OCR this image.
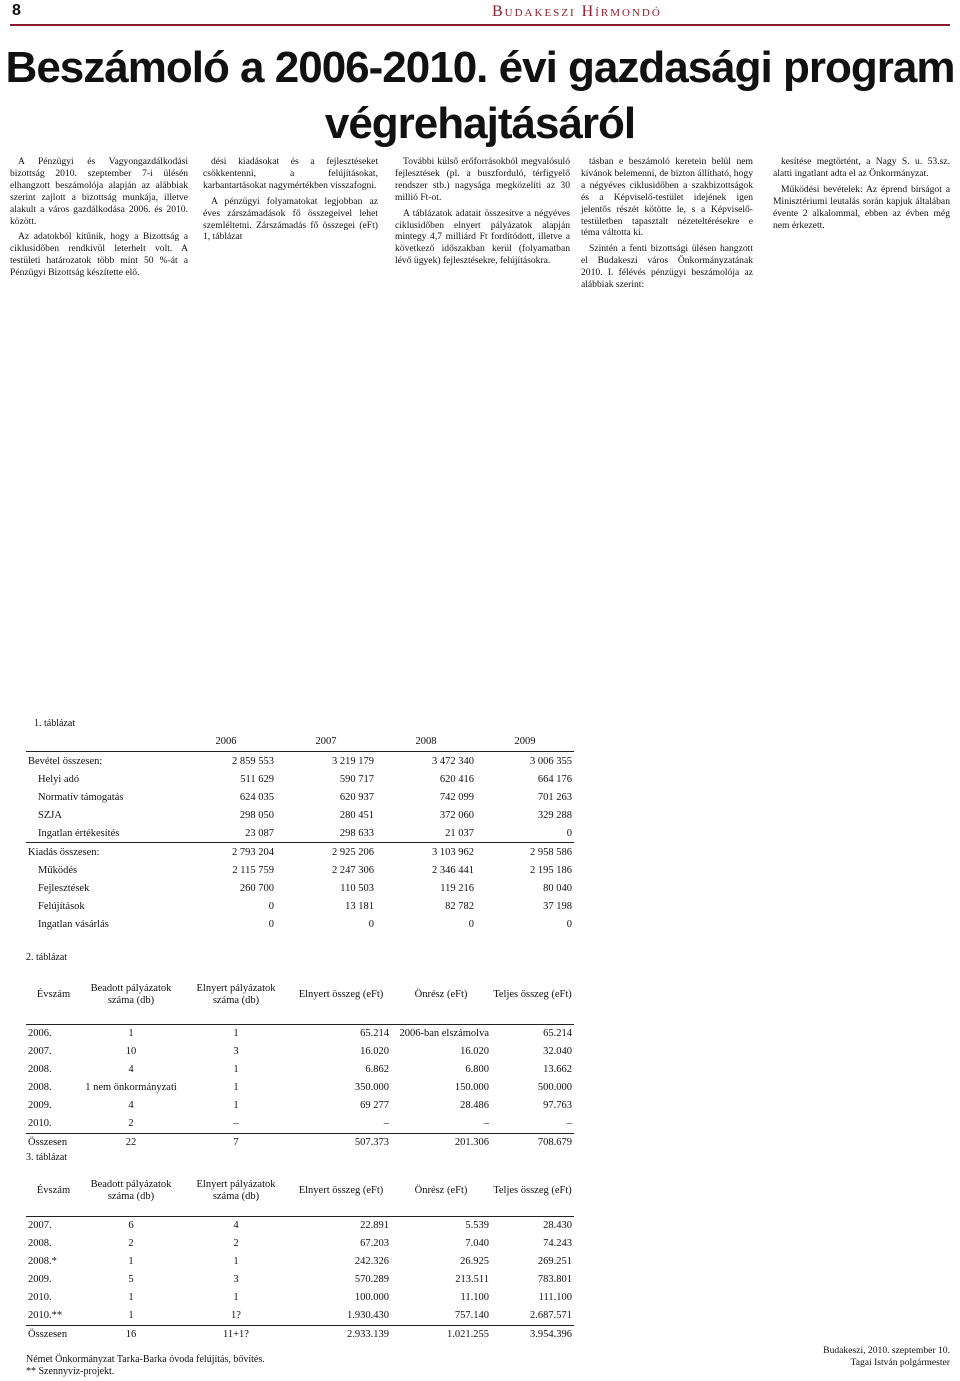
8	Budakeszi Hírmondó
Beszámoló a 2006-2010. évi gazdasági program
végrehajtásáról

A Pénzügyi és Vagyongazdálkodási bizottság 2010. szeptember 7-i ülésén elhangzott beszámolója alapján az alábbiak szerint zajlott a bizottság munkája, illetve alakult a város gazdálkodása 2006. és 2010. között.

Az adatokból kitűnik, hogy a Bizottság a ciklusidőben rendkívül leterhelt volt. A testületi határozatok több mint 50 %-át a Pénzügyi Bizottság készítette elő.

dési kiadásokat és a fejlesztéseket csökkentenni, a felújításokat, karbantartásokat nagymértékben visszafogni.

A pénzügyi folyamatokat legjobban az éves zárszámadások fő összegeivel lehet szemléltetni. Zárszámadás fő összegei (eFt) 1, táblázat

További külső erőforrásokból megvalósuló fejlesztések (pl. a buszforduló, térfigyelő rendszer stb.) nagysága megközelíti az 30 millió Ft-ot.

A táblázatok adatait összesítve a négyéves ciklusidőben elnyert pályázatok alapján mintegy 4,7 milliárd Ft fordítódott, illetve a következő időszakban kerül (folyamatban lévő ügyek) fejlesztésekre, felújításokra.

tásban e beszámoló keretein belül nem kívánok belemenni, de bizton állítható, hogy a négyéves ciklusidőben a szakbizottságok és a Képviselő-testület idejének igen jelentős részét kötötte le, s a Képviselő-testületben tapasztalt nézeteltérésekre e téma váltotta ki.

Szintén a fenti bizottsági ülésen hangzott el Budakeszi város Önkormányzatának 2010. I. félévés pénzügyi beszámolója az alábbiak szerint:

kesítése megtörtént, a Nagy S. u. 53.sz. alatti ingatlant adta el az Önkormányzat.

Működési bevételek: Az éprend bírságot a Minisztériumi leutalás során kapjuk általában évente 2 alkalommal, ebben az évben még nem érkezett.

1. táblázat
	2006	2007	2008	2009
Bevétel összesen:	2 859 553	3 219 179	3 472 340	3 006 355
Helyi adó	511 629	590 717	620 416	664 176
Normatív támogatás	624 035	620 937	742 099	701 263
SZJA	298 050	280 451	372 060	329 288
Ingatlan értékesítés	23 087	298 633	21 037	0
Kiadás összesen:	2 793 204	2 925 206	3 103 962	2 958 586
Működés	2 115 759	2 247 306	2 346 441	2 195 186
Fejlesztések	260 700	110 503	119 216	80 040
Felújítások	0	13 181	82 782	37 198
Ingatlan vásárlás	0	0	0	0
2. táblázat
Évszám	Beadott pályázatok száma (db)	Elnyert pályázatok száma (db)	Elnyert összeg (eFt)	Önrész (eFt)	Teljes összeg (eFt)
2006.	1	1	65.214	2006-ban elszámolva	65.214
2007.	10	3	16.020	16.020	32.040
2008.	4	1	6.862	6.800	13.662
2008.	1 nem önkormányzati	1	350.000	150.000	500.000
2009.	4	1	69 277	28.486	97.763
2010.	2	–	–	–	–
Összesen	22	7	507.373	201.306	708.679
3. táblázat
Évszám	Beadott pályázatok száma (db)	Elnyert pályázatok száma (db)	Elnyert összeg (eFt)	Önrész (eFt)	Teljes összeg (eFt)
2007.	6	4	22.891	5.539	28.430
2008.	2	2	67.203	7.040	74.243
2008.*	1	1	242.326	26.925	269.251
2009.	5	3	570.289	213.511	783.801
2010.	1	1	100.000	11.100	111.100
2010.**	1	1?	1.930.430	757.140	2.687.571
Összesen	16	11+1?	2.933.139	1.021.255	3.954.396
Német Önkormányzat Tarka-Barka óvoda felújítás, bővítés.
** Szennyvíz-projekt.
Budakeszi, 2010. szeptember 10.
Tagai István polgármester
